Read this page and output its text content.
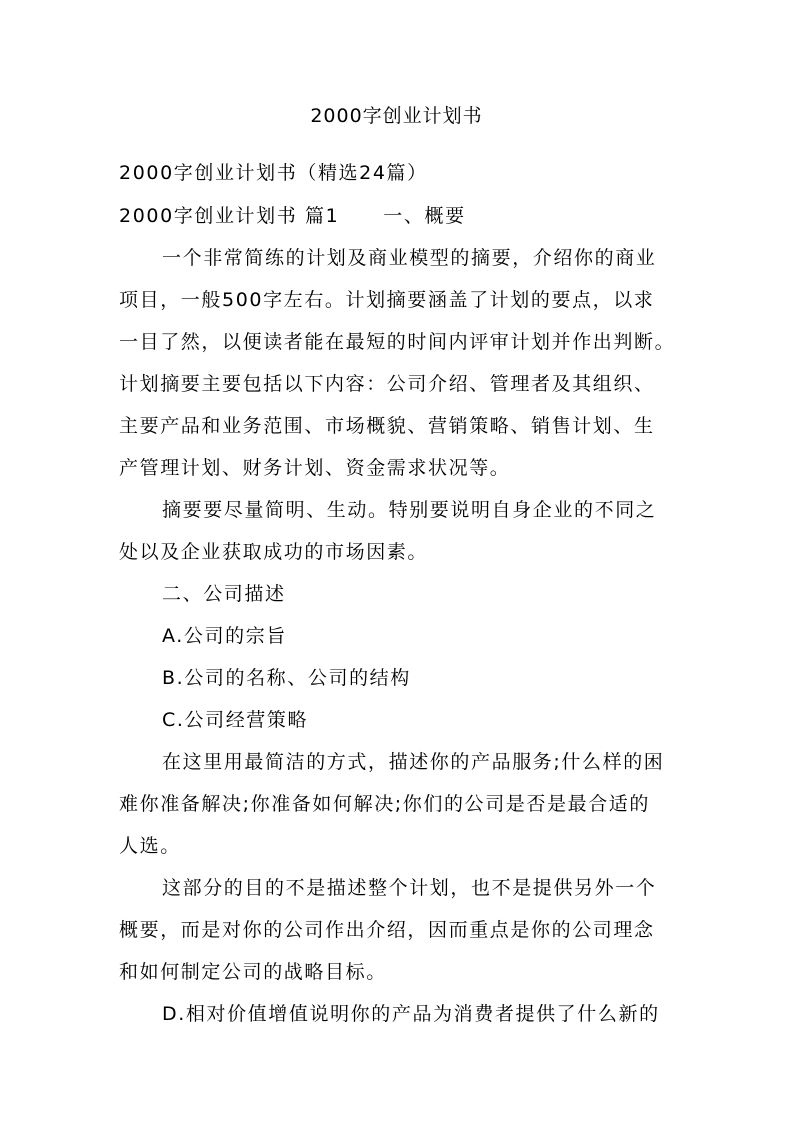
2000字创业计划书
2000字创业计划书（精选24篇）
2000字创业计划书 篇1 一、概要
一个非常简练的计划及商业模型的摘要，介绍你的商业
项目，一般500字左右。计划摘要涵盖了计划的要点，以求
一目了然，以便读者能在最短的时间内评审计划并作出判断。
计划摘要主要包括以下内容：公司介绍、管理者及其组织、
主要产品和业务范围、市场概貌、营销策略、销售计划、生
产管理计划、财务计划、资金需求状况等。
摘要要尽量简明、生动。特别要说明自身企业的不同之
处以及企业获取成功的市场因素。
二、公司描述
A.公司的宗旨
B.公司的名称、公司的结构
C.公司经营策略
在这里用最简洁的方式，描述你的产品服务;什么样的困
难你准备解决;你准备如何解决;你们的公司是否是最合适的
人选。
这部分的目的不是描述整个计划，也不是提供另外一个
概要，而是对你的公司作出介绍，因而重点是你的公司理念
和如何制定公司的战略目标。
D.相对价值增值说明你的产品为消费者提供了什么新的
